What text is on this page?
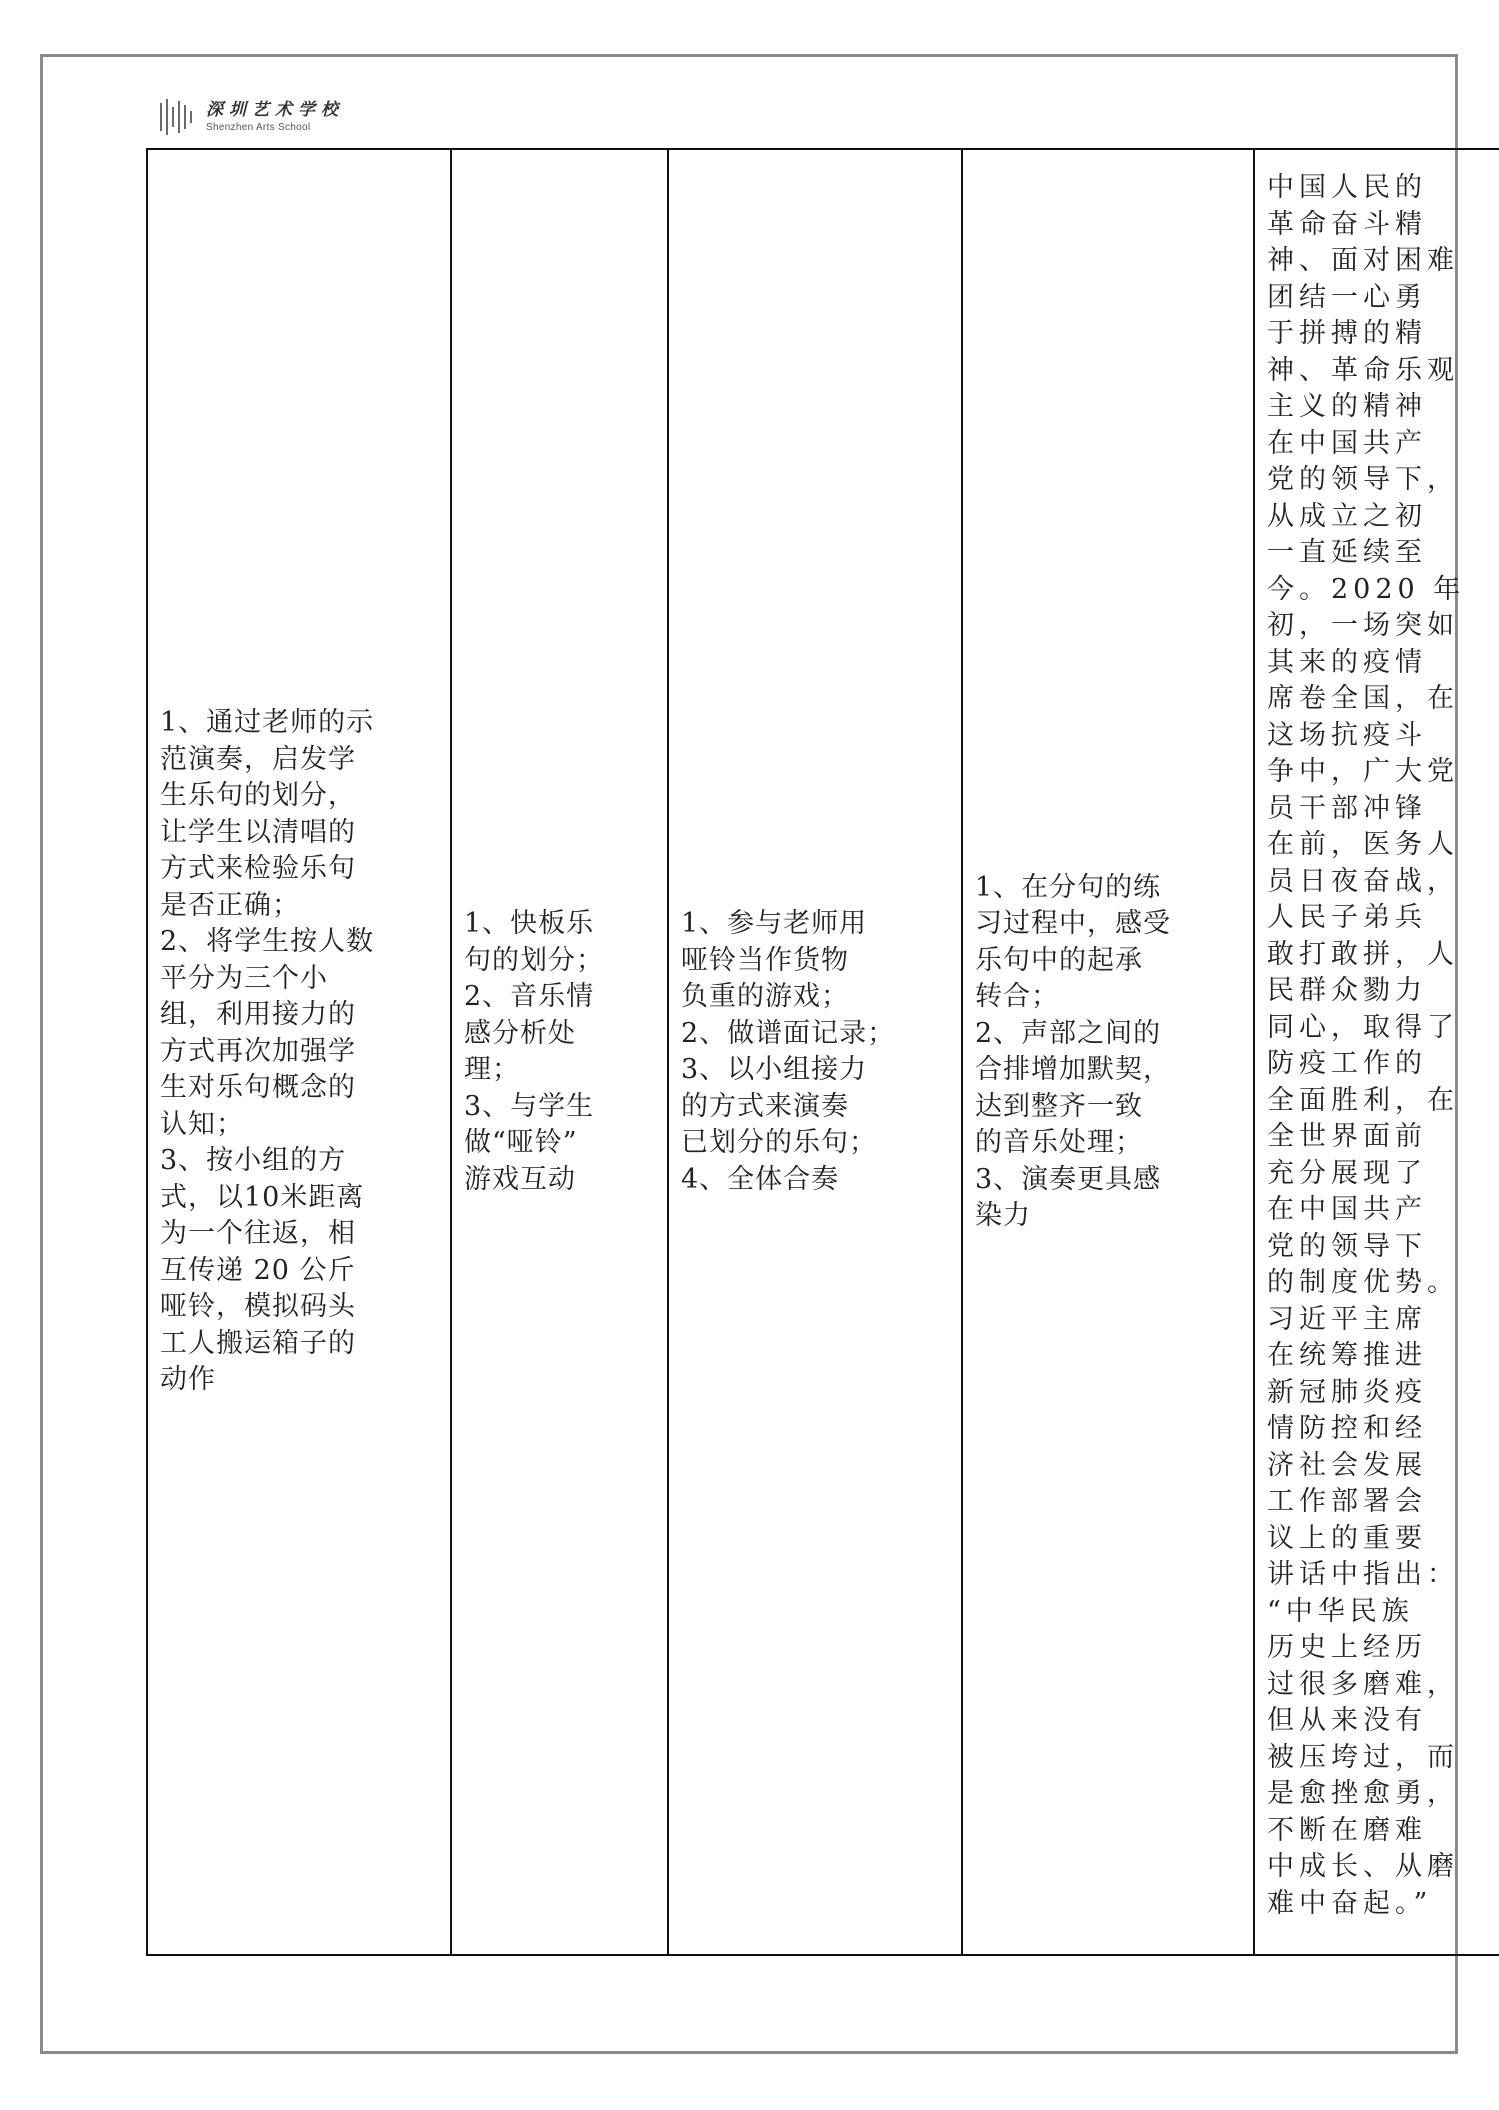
深圳艺术学校
Shenzhen Arts School
1、通过老师的示
范演奏，启发学
生乐句的划分，
让学生以清唱的
方式来检验乐句
是否正确；
2、将学生按人数
平分为三个小
组，利用接力的
方式再次加强学
生对乐句概念的
认知；
3、按小组的方
式，以10米距离
为一个往返，相
互传递 20 公斤
哑铃，模拟码头
工人搬运箱子的
动作

1、快板乐
句的划分；
2、音乐情
感分析处
理；
3、与学生
做“哑铃”
游戏互动

1、参与老师用
哑铃当作货物
负重的游戏；
2、做谱面记录；
3、以小组接力
的方式来演奏
已划分的乐句；
4、全体合奏

1、在分句的练
习过程中，感受
乐句中的起承
转合；
2、声部之间的
合排增加默契，
达到整齐一致
的音乐处理；
3、演奏更具感
染力

中国人民的
革命奋斗精
神、面对困难
团结一心勇
于拼搏的精
神、革命乐观
主义的精神
在中国共产
党的领导下，
从成立之初
一直延续至
今。2020 年
初，一场突如
其来的疫情
席卷全国，在
这场抗疫斗
争中，广大党
员干部冲锋
在前，医务人
员日夜奋战，
人民子弟兵
敢打敢拼，人
民群众勠力
同心，取得了
防疫工作的
全面胜利，在
全世界面前
充分展现了
在中国共产
党的领导下
的制度优势。
习近平主席
在统筹推进
新冠肺炎疫
情防控和经
济社会发展
工作部署会
议上的重要
讲话中指出：
“中华民族
历史上经历
过很多磨难，
但从来没有
被压垮过，而
是愈挫愈勇，
不断在磨难
中成长、从磨
难中奋起。”
